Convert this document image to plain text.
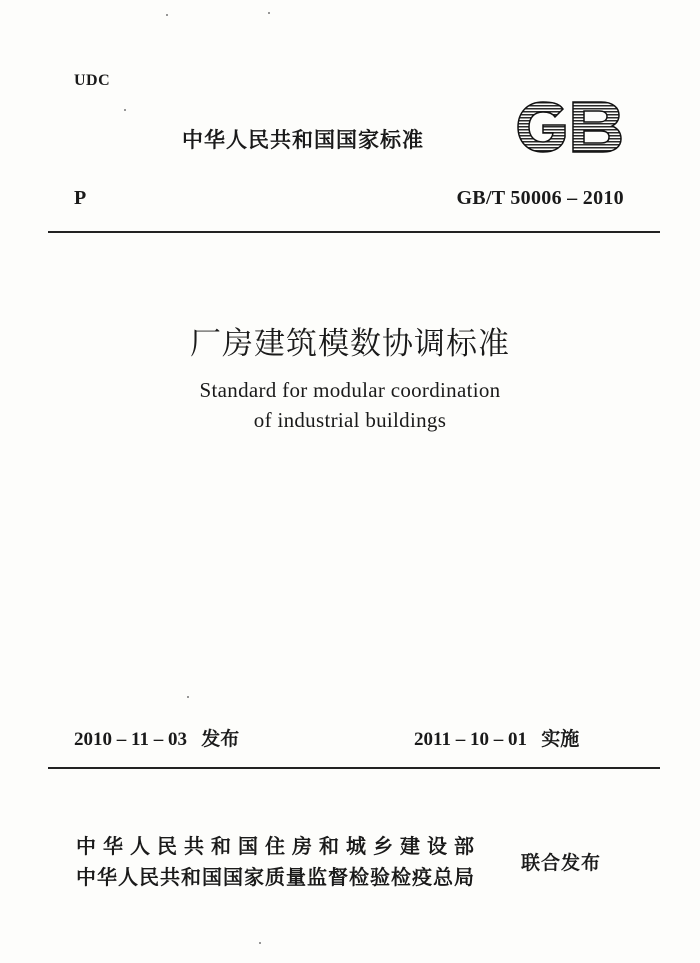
UDC
中华人民共和国国家标准
P	GB/T 50006 – 2010
厂房建筑模数协调标准
Standard for modular coordination
of industrial buildings
2010 – 11 – 03 发布	2011 – 10 – 01 实施
中华人民共和国住房和城乡建设部
中华人民共和国国家质量监督检验检疫总局
联合发布
